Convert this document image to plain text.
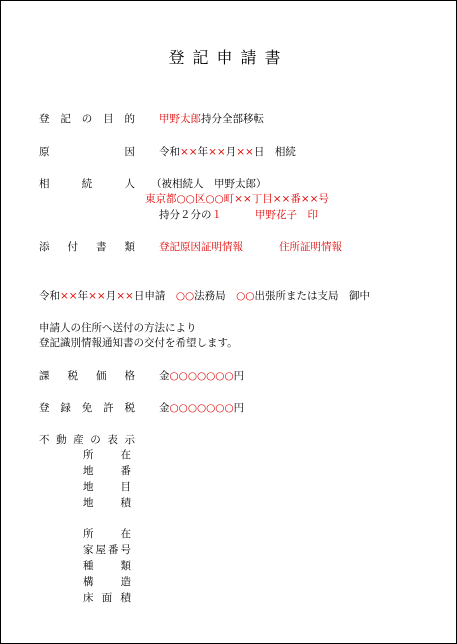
登記申請書
登 記 の 目 的 甲野太郎持分全部移転
原	因 令和××年××月××日　相続
相	続	人 （被相続人　甲野太郎）
東京都○○区○○町××丁目××番××号
持分２分の１	甲野花子　印
添 付 書 類 登記原因証明情報	住所証明情報
令和××年××月××日申請　○○法務局　○○出張所または支局　御中
申請人の住所へ送付の方法により
登記識別情報通知書の交付を希望します。
課 税 価 格 金○○○○○○○円
登 録 免 許 税 金○○○○○○○円
不 動 産 の 表 示
所	在
地	番
地	目
地	積
所	在
家 屋 番 号
種	類
構	造
床 面 積
